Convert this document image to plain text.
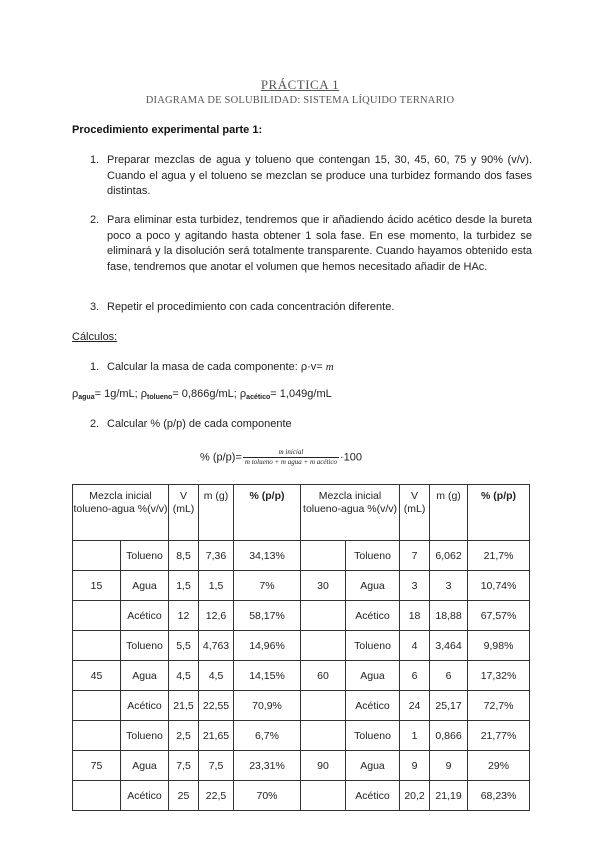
PRÁCTICA 1
DIAGRAMA DE SOLUBILIDAD: SISTEMA LÍQUIDO TERNARIO
Procedimiento experimental parte 1:
1. Preparar mezclas de agua y tolueno que contengan 15, 30, 45, 60, 75 y 90% (v/v). Cuando el agua y el tolueno se mezclan se produce una turbidez formando dos fases distintas.
2. Para eliminar esta turbidez, tendremos que ir añadiendo ácido acético desde la bureta poco a poco y agitando hasta obtener 1 sola fase. En ese momento, la turbidez se eliminará y la disolución será totalmente transparente. Cuando hayamos obtenido esta fase, tendremos que anotar el volumen que hemos necesitado añadir de HAc.
3. Repetir el procedimiento con cada concentración diferente.
Cálculos:
1. Calcular la masa de cada componente: ρ·v= m
$\rho_{agua}= 1g/mL$; $\rho_{tolueno}= 0,866g/mL$; $\rho_{acético}= 1,049g/mL$
2. Calcular % (p/p) de cada componente
% $(p/p)= \frac{\text{m inicial}}{\text{m tolueno + m agua + m acético}} \cdot 100$
Mezcla inicial tolueno-agua %(v/v)		V (mL)	m (g)	% (p/p)	Mezcla inicial tolueno-agua %(v/v)		V (mL)	m (g)	% (p/p)
	Tolueno	8,5	7,36	34,13%		Tolueno	7	6,062	21,7%
15	Agua	1,5	1,5	7%	30	Agua	3	3	10,74%
	Acético	12	12,6	58,17%		Acético	18	18,88	67,57%
	Tolueno	5,5	4,763	14,96%		Tolueno	4	3,464	9,98%
45	Agua	4,5	4,5	14,15%	60	Agua	6	6	17,32%
	Acético	21,5	22,55	70,9%		Acético	24	25,17	72,7%
	Tolueno	2,5	21,65	6,7%		Tolueno	1	0,866	21,77%
75	Agua	7,5	7,5	23,31%	90	Agua	9	9	29%
	Acético	25	22,5	70%		Acético	20,2	21,19	68,23%
